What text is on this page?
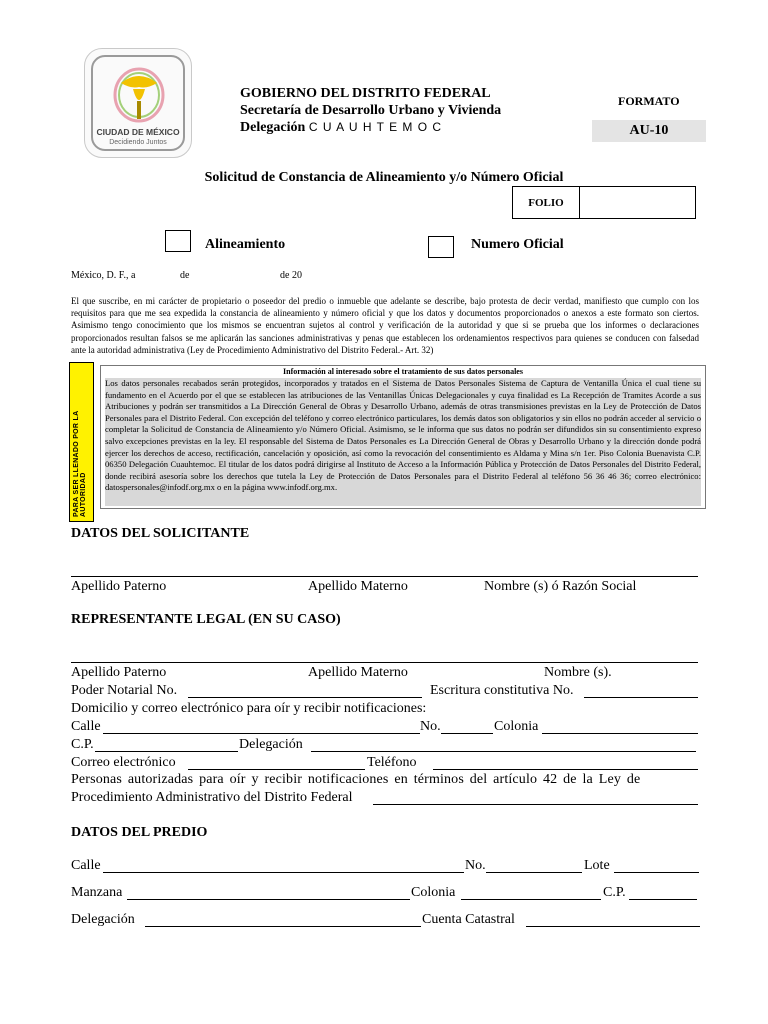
CIUDAD DE MÉXICO
Decidiendo Juntos
GOBIERNO DEL DISTRITO FEDERAL
Secretaría de Desarrollo Urbano y Vivienda
Delegación C U A U H T E M O C
FORMATO
AU-10
Solicitud de Constancia de Alineamiento y/o Número Oficial
FOLIO
Alineamiento	Numero Oficial
México, D. F., a	de	de 20
El que suscribe, en mi carácter de propietario o poseedor del predio o inmueble que adelante se describe, bajo protesta de decir verdad, manifiesto que cumplo con los requisitos para que me sea expedida la constancia de alineamiento y número oficial y que los datos y documentos proporcionados o anexos a este formato son ciertos. Asimismo tengo conocimiento que los mismos se encuentran sujetos al control y verificación de la autoridad y que si se prueba que los informes o declaraciones proporcionados resultan falsos se me aplicarán las sanciones administrativas y penas que establecen los ordenamientos respectivos para quienes se conducen con falsedad ante la autoridad administrativa (Ley de Procedimiento Administrativo del Distrito Federal.- Art. 32)
PARA SER LLENADO POR LA AUTORIDAD
Información al interesado sobre el tratamiento de sus datos personales
Los datos personales recabados serán protegidos, incorporados y tratados en el Sistema de Datos Personales Sistema de Captura de Ventanilla Única el cual tiene su fundamento en el Acuerdo por el que se establecen las atribuciones de las Ventanillas Únicas Delegacionales y cuya finalidad es La Recepción de Tramites Acorde a sus Atribuciones y podrán ser transmitidos a La Dirección General de Obras y Desarrollo Urbano, además de otras transmisiones previstas en la Ley de Protección de Datos Personales para el Distrito Federal. Con excepción del teléfono y correo electrónico particulares, los demás datos son obligatorios y sin ellos no podrán acceder al servicio o completar la Solicitud de Constancia de Alineamiento y/o Número Oficial. Asimismo, se le informa que sus datos no podrán ser difundidos sin su consentimiento expreso salvo excepciones previstas en la ley. El responsable del Sistema de Datos Personales es La Dirección General de Obras y Desarrollo Urbano y la dirección donde podrá ejercer los derechos de acceso, rectificación, cancelación y oposición, así como la revocación del consentimiento es Aldama y Mina s/n 1er. Piso Colonia Buenavista C.P. 06350 Delegación Cuauhtemoc. El titular de los datos podrá dirigirse al Instituto de Acceso a la Información Pública y Protección de Datos Personales del Distrito Federal, donde recibirá asesoría sobre los derechos que tutela la Ley de Protección de Datos Personales para el Distrito Federal al teléfono 56 36 46 36; correo electrónico: datospersonales@infodf.org.mx o en la página www.infodf.org.mx.
DATOS DEL SOLICITANTE
Apellido Paterno	Apellido Materno	Nombre (s) ó Razón Social
REPRESENTANTE LEGAL (EN SU CASO)
Apellido Paterno	Apellido Materno	Nombre (s).
Poder Notarial No.	Escritura constitutiva No.
Domicilio y correo electrónico para oír y recibir notificaciones:
Calle	No.	Colonia
C.P.	Delegación
Correo electrónico	Teléfono
Personas autorizadas para oír y recibir notificaciones en términos del artículo 42 de la Ley de
Procedimiento Administrativo del Distrito Federal
DATOS DEL PREDIO
Calle	No.	Lote
Manzana	Colonia	C.P.
Delegación	Cuenta Catastral
